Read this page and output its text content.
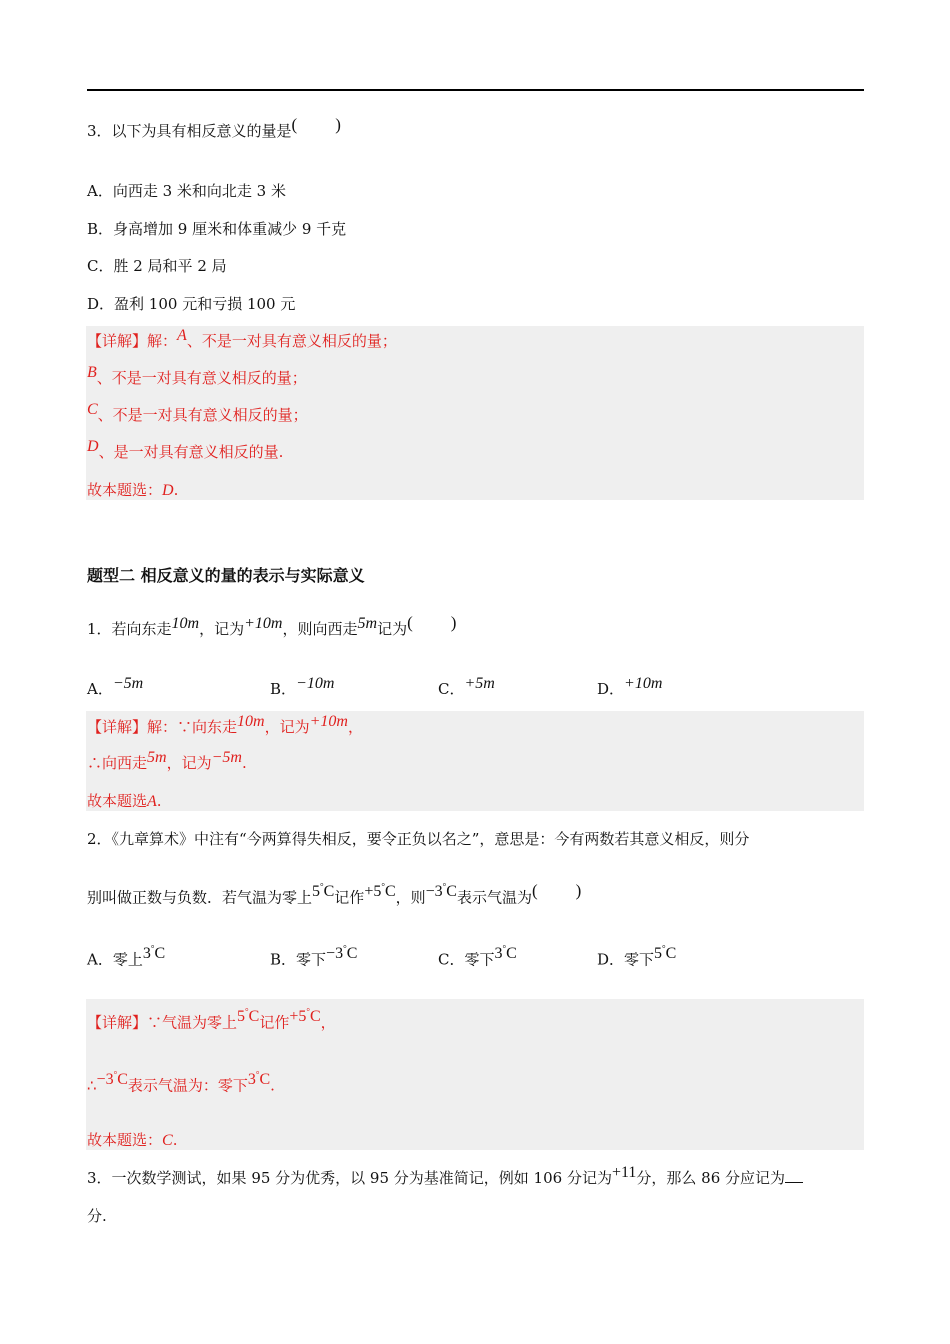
3．以下为具有相反意义的量是( )
A．向西走 3 米和向北走 3 米
B．身高增加 9 厘米和体重减少 9 千克
C．胜 2 局和平 2 局
D．盈利 100 元和亏损 100 元
【详解】解：A、不是一对具有意义相反的量；
B、不是一对具有意义相反的量；
C、不是一对具有意义相反的量；
D、是一对具有意义相反的量.
故本题选：D.
题型二 相反意义的量的表示与实际意义
1．若向东走10m，记为+10m，则向西走5m记为( )
A．−5m	B．−10m	C．+5m	D．+10m
【详解】解：∵向东走10m，记为+10m，
∴向西走5m，记为−5m.
故本题选A.
2．《九章算术》中注有“今两算得失相反，要令正负以名之”，意思是：今有两数若其意义相反，则分
别叫做正数与负数．若气温为零上5°C记作+5°C，则−3°C表示气温为( )
A．零上3°C	B．零下−3°C	C．零下3°C	D．零下5°C
【详解】∵气温为零上5°C记作+5°C，
∴−3°C表示气温为：零下3°C.
故本题选：C.
3．一次数学测试，如果 95 分为优秀，以 95 分为基准简记，例如 106 分记为+11分，那么 86 分应记为
分.
